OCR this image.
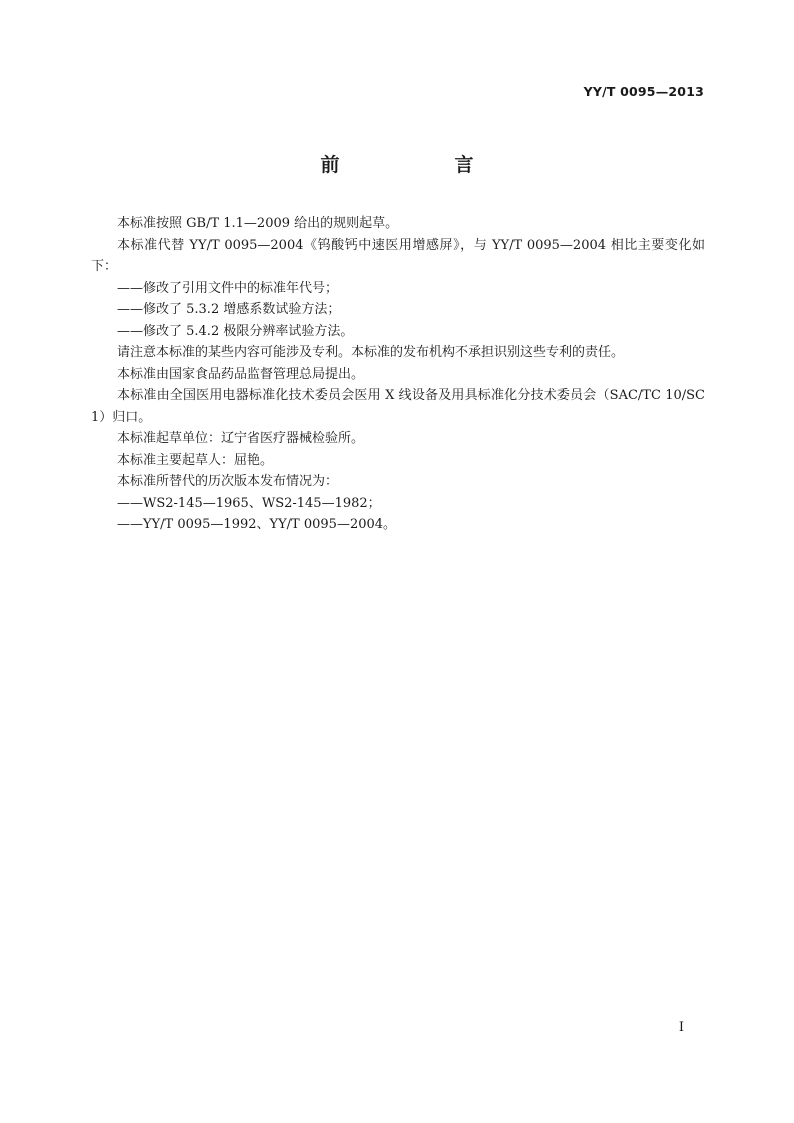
YY/T 0095—2013
前　言

本标准按照 GB/T 1.1—2009 给出的规则起草。

本标准代替 YY/T 0095—2004《钨酸钙中速医用增感屏》，与 YY/T 0095—2004 相比主要变化如下：

——修改了引用文件中的标准年代号；

——修改了 5.3.2 增感系数试验方法；

——修改了 5.4.2 极限分辨率试验方法。

请注意本标准的某些内容可能涉及专利。本标准的发布机构不承担识别这些专利的责任。

本标准由国家食品药品监督管理总局提出。

本标准由全国医用电器标准化技术委员会医用 X 线设备及用具标准化分技术委员会（SAC/TC 10/SC 1）归口。

本标准起草单位：辽宁省医疗器械检验所。

本标准主要起草人：屈艳。

本标准所替代的历次版本发布情况为：

——WS2-145—1965、WS2-145—1982；

——YY/T 0095—1992、YY/T 0095—2004。

I
